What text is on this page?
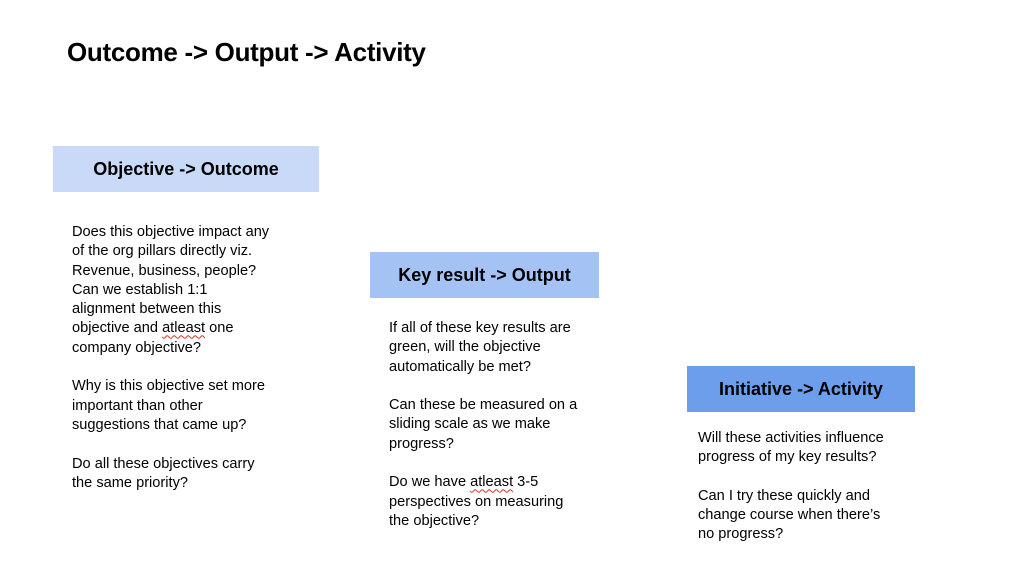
Outcome -> Output -> Activity
Objective -> Outcome

Does this objective impact any of the org pillars directly viz. Revenue, business, people? Can we establish 1:1 alignment between this objective and atleast one company objective?

Why is this objective set more important than other suggestions that came up?

Do all these objectives carry the same priority?

Key result -> Output

If all of these key results are green, will the objective automatically be met?

Can these be measured on a sliding scale as we make progress?

Do we have atleast 3-5 perspectives on measuring the objective?

Initiative -> Activity

Will these activities influence progress of my key results?

Can I try these quickly and change course when there’s no progress?
